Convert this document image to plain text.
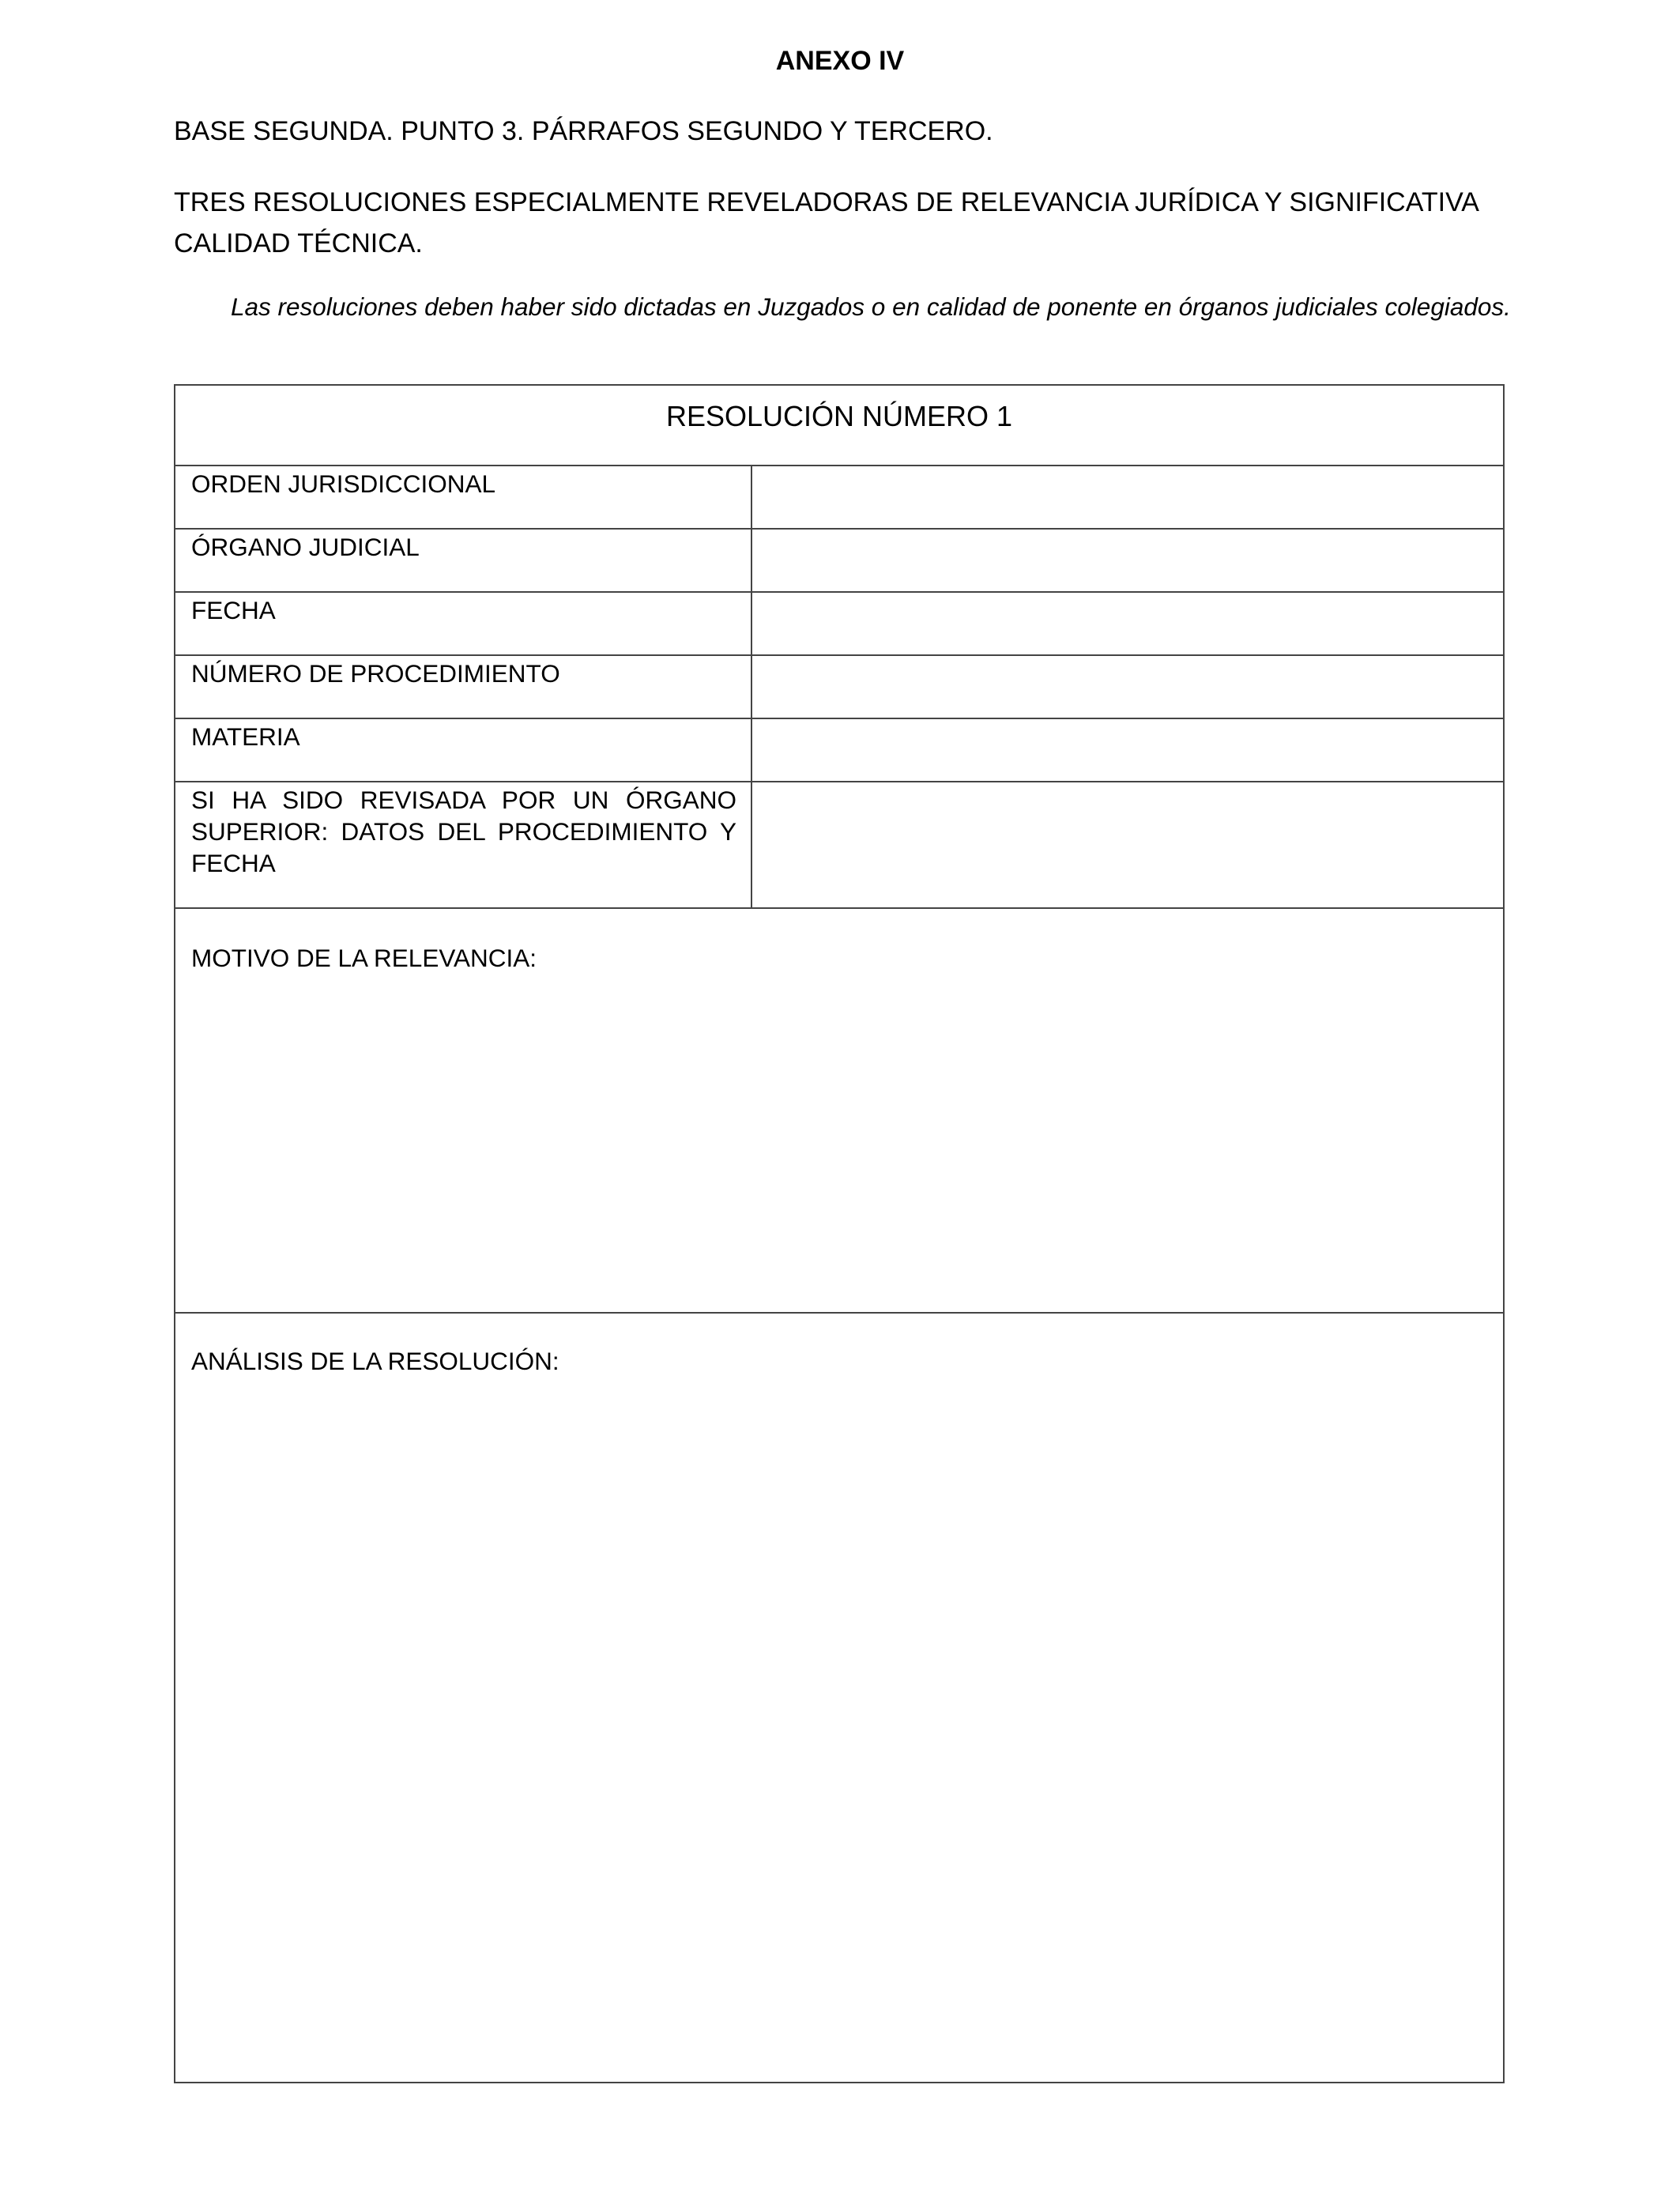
ANEXO IV
BASE SEGUNDA. PUNTO 3. PÁRRAFOS SEGUNDO Y TERCERO.
TRES RESOLUCIONES ESPECIALMENTE REVELADORAS DE RELEVANCIA JURÍDICA Y SIGNIFICATIVA CALIDAD TÉCNICA.
Las resoluciones deben haber sido dictadas en Juzgados o en calidad de ponente en órganos judiciales colegiados.
RESOLUCIÓN NÚMERO 1
ORDEN JURISDICCIONAL
ÓRGANO JUDICIAL
FECHA
NÚMERO DE PROCEDIMIENTO
MATERIA
SI HA SIDO REVISADA POR UN ÓRGANO SUPERIOR: DATOS DEL PROCEDIMIENTO Y FECHA
MOTIVO DE LA RELEVANCIA:
ANÁLISIS DE LA RESOLUCIÓN:
